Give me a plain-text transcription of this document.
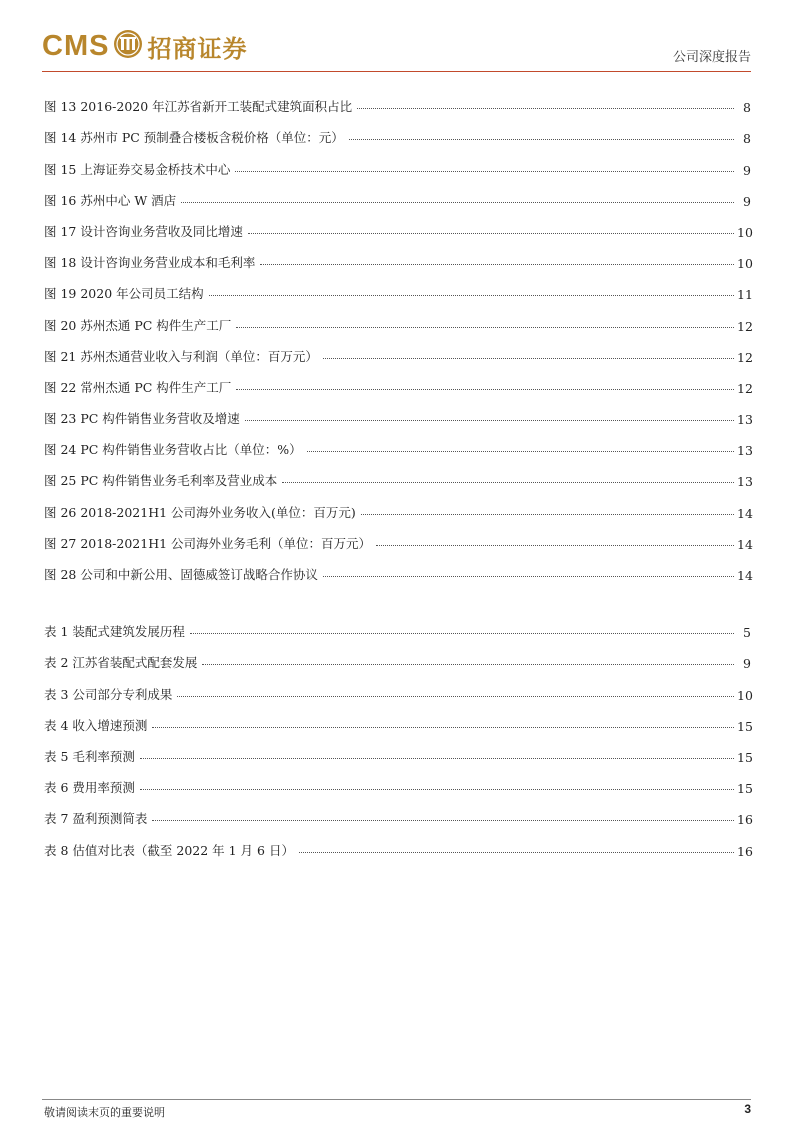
CMS 招商证券	公司深度报告
图 13 2016-2020 年江苏省新开工装配式建筑面积占比	8
图 14 苏州市 PC 预制叠合楼板含税价格（单位：元）	8
图 15 上海证券交易金桥技术中心	9
图 16 苏州中心 W 酒店	9
图 17 设计咨询业务营收及同比增速	10
图 18 设计咨询业务营业成本和毛利率	10
图 19 2020 年公司员工结构	11
图 20 苏州杰通 PC 构件生产工厂	12
图 21 苏州杰通营业收入与利润（单位：百万元）	12
图 22 常州杰通 PC 构件生产工厂	12
图 23 PC 构件销售业务营收及增速	13
图 24 PC 构件销售业务营收占比（单位：%）	13
图 25 PC 构件销售业务毛利率及营业成本	13
图 26 2018-2021H1 公司海外业务收入(单位：百万元)	14
图 27 2018-2021H1 公司海外业务毛利（单位：百万元）	14
图 28 公司和中新公用、固德威签订战略合作协议	14
表 1 装配式建筑发展历程	5
表 2 江苏省装配式配套发展	9
表 3 公司部分专利成果	10
表 4 收入增速预测	15
表 5 毛利率预测	15
表 6 费用率预测	15
表 7 盈利预测简表	16
表 8 估值对比表（截至 2022 年 1 月 6 日）	16
敬请阅读末页的重要说明	3
